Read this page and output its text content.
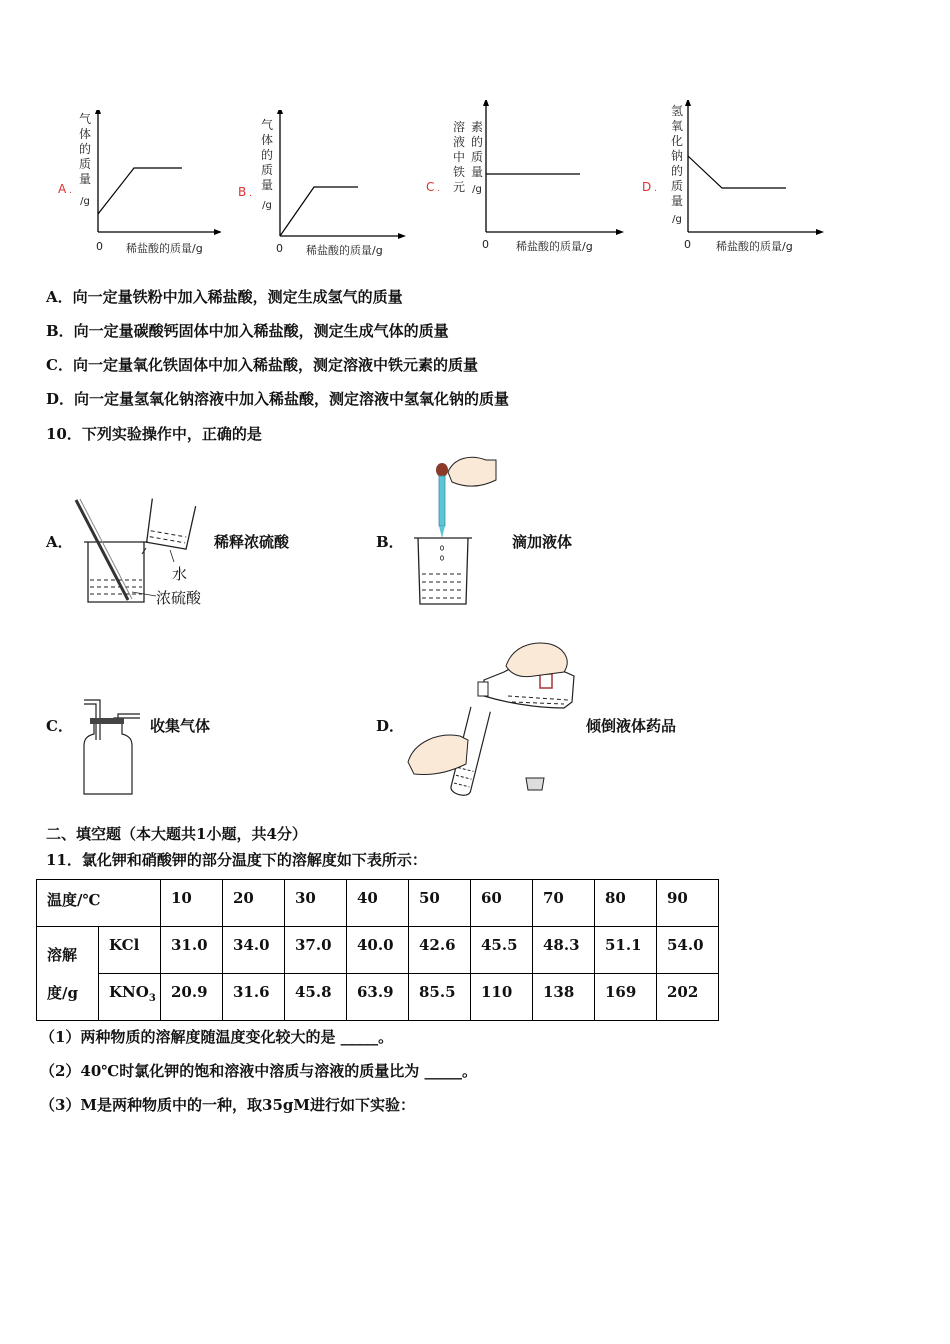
气
体
的
质
量
/g
A .
0 稀盐酸的质量/g
气
体
的
质
量
/g
B .
0 稀盐酸的质量/g
溶
液
中
铁
元
素
的
质
量
/g
C .
0 稀盐酸的质量/g
氢
氧
化
钠
的
质
量
/g
D .
0 稀盐酸的质量/g
A．向一定量铁粉中加入稀盐酸，测定生成氢气的质量
B．向一定量碳酸钙固体中加入稀盐酸，测定生成气体的质量
C．向一定量氧化铁固体中加入稀盐酸，测定溶液中铁元素的质量
D．向一定量氢氧化钠溶液中加入稀盐酸，测定溶液中氢氧化钠的质量
10．下列实验操作中，正确的是
A．
水
浓硫酸
稀释浓硫酸	B．	滴加液体
C．	收集气体	D．	倾倒液体药品
二、填空题（本大题共1小题，共4分）
11．氯化钾和硝酸钾的部分温度下的溶解度如下表所示：
温度/℃		10	20	30	40	50	60	70	80	90

溶解
度/g	KCl	31.0	34.0	37.0	40.0	42.6	45.5	48.3	51.1	54.0
	$KNO_3$	20.9	31.6	45.8	63.9	85.5	110	138	169	202
（1）两种物质的溶解度随温度变化较大的是 _____。
（2）40℃时氯化钾的饱和溶液中溶质与溶液的质量比为 _____。
（3）M是两种物质中的一种，取35gM进行如下实验：
